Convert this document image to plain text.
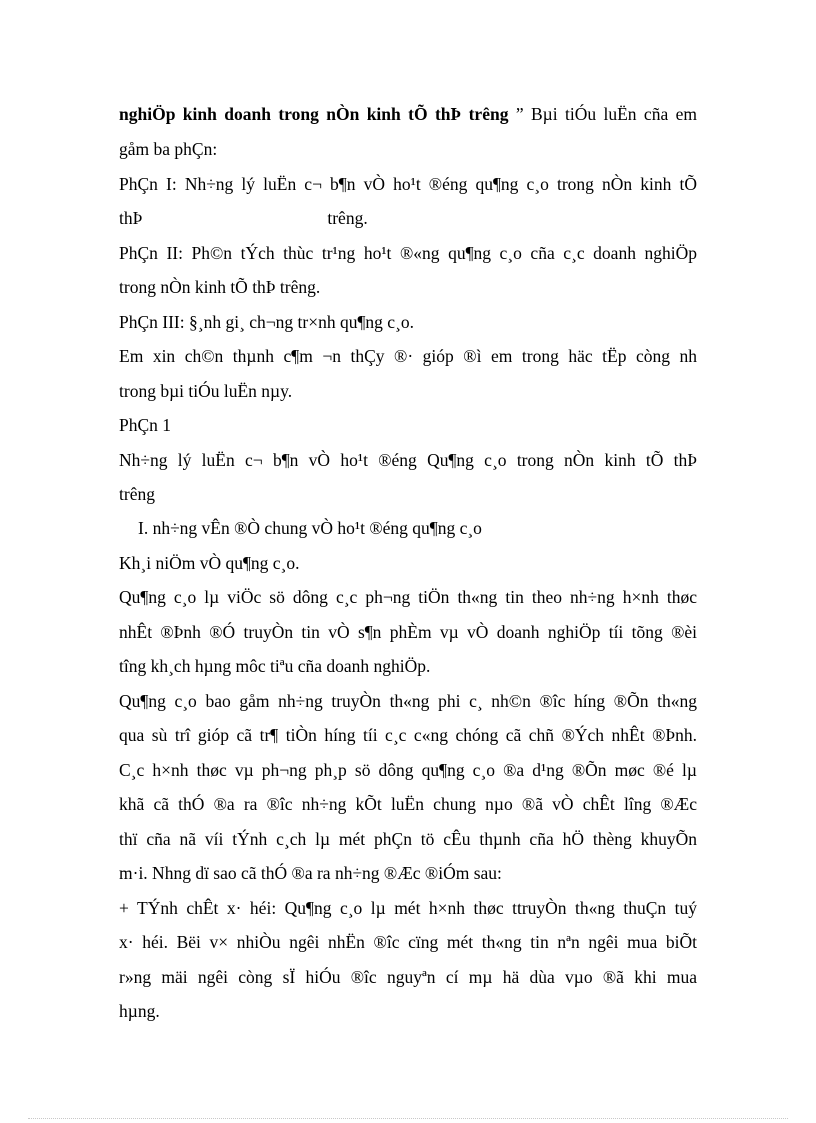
nghiÖp kinh doanh trong nÒn kinh tÕ thÞ trêng ” Bµi tiÓu luËn cña em
gåm ba phÇn:
PhÇn I: Nh÷ng lý luËn c¬ b¶n vÒ ho¹t ®éng qu¶ng c¸o trong nÒn kinh tÕ
thÞ	trêng.
PhÇn II: Ph©n tÝch thùc tr¹ng ho¹t ®«ng qu¶ng c¸o cña c¸c doanh nghiÖp
trong nÒn kinh tÕ thÞ trêng.
PhÇn III: §¸nh gi¸ ch¬ng tr×nh qu¶ng c¸o.
Em xin ch©n thµnh c¶m ¬n thÇy ®· gióp ®ì em trong häc tËp còng nh
trong bµi tiÓu luËn nµy.
PhÇn 1
Nh÷ng lý luËn c¬ b¶n vÒ ho¹t ®éng Qu¶ng c¸o trong nÒn kinh tÕ thÞ
trêng
I. nh÷ng vÊn ®Ò chung vÒ ho¹t ®éng qu¶ng c¸o
Kh¸i niÖm vÒ qu¶ng c¸o.
Qu¶ng c¸o lµ viÖc sö dông c¸c ph¬ng tiÖn th«ng tin theo nh÷ng h×nh thøc
nhÊt ®Þnh ®Ó truyÒn tin vÒ s¶n phÈm vµ vÒ doanh nghiÖp tíi tõng ®èi
tîng kh¸ch hµng môc tiªu cña doanh nghiÖp.
Qu¶ng c¸o bao gåm nh÷ng truyÒn th«ng phi c¸ nh©n ®îc híng ®Õn th«ng
qua sù trî gióp cã tr¶ tiÒn híng tíi c¸c c«ng chóng cã chñ ®Ých nhÊt ®Þnh.
C¸c h×nh thøc vµ ph¬ng ph¸p sö dông qu¶ng c¸o ®a d¹ng ®Õn møc ®é lµ
khã cã thÓ ®a ra ®îc nh÷ng kÕt luËn chung nµo ®ã vÒ chÊt lîng ®Æc
thï cña nã víi tÝnh c¸ch lµ mét phÇn tö cÊu thµnh cña hÖ thèng khuyÕn
m·i. Nhng dï sao cã thÓ ®a ra nh÷ng ®Æc ®iÓm sau:
+ TÝnh chÊt x· héi: Qu¶ng c¸o lµ mét h×nh thøc ttruyÒn th«ng thuÇn tuý
x· héi. Bëi v× nhiÒu ngêi nhËn ®îc cïng mét th«ng tin nªn ngêi mua biÕt
r»ng mäi ngêi còng sÏ hiÓu ®îc nguyªn cí mµ hä dùa vµo ®ã khi mua
hµng.
